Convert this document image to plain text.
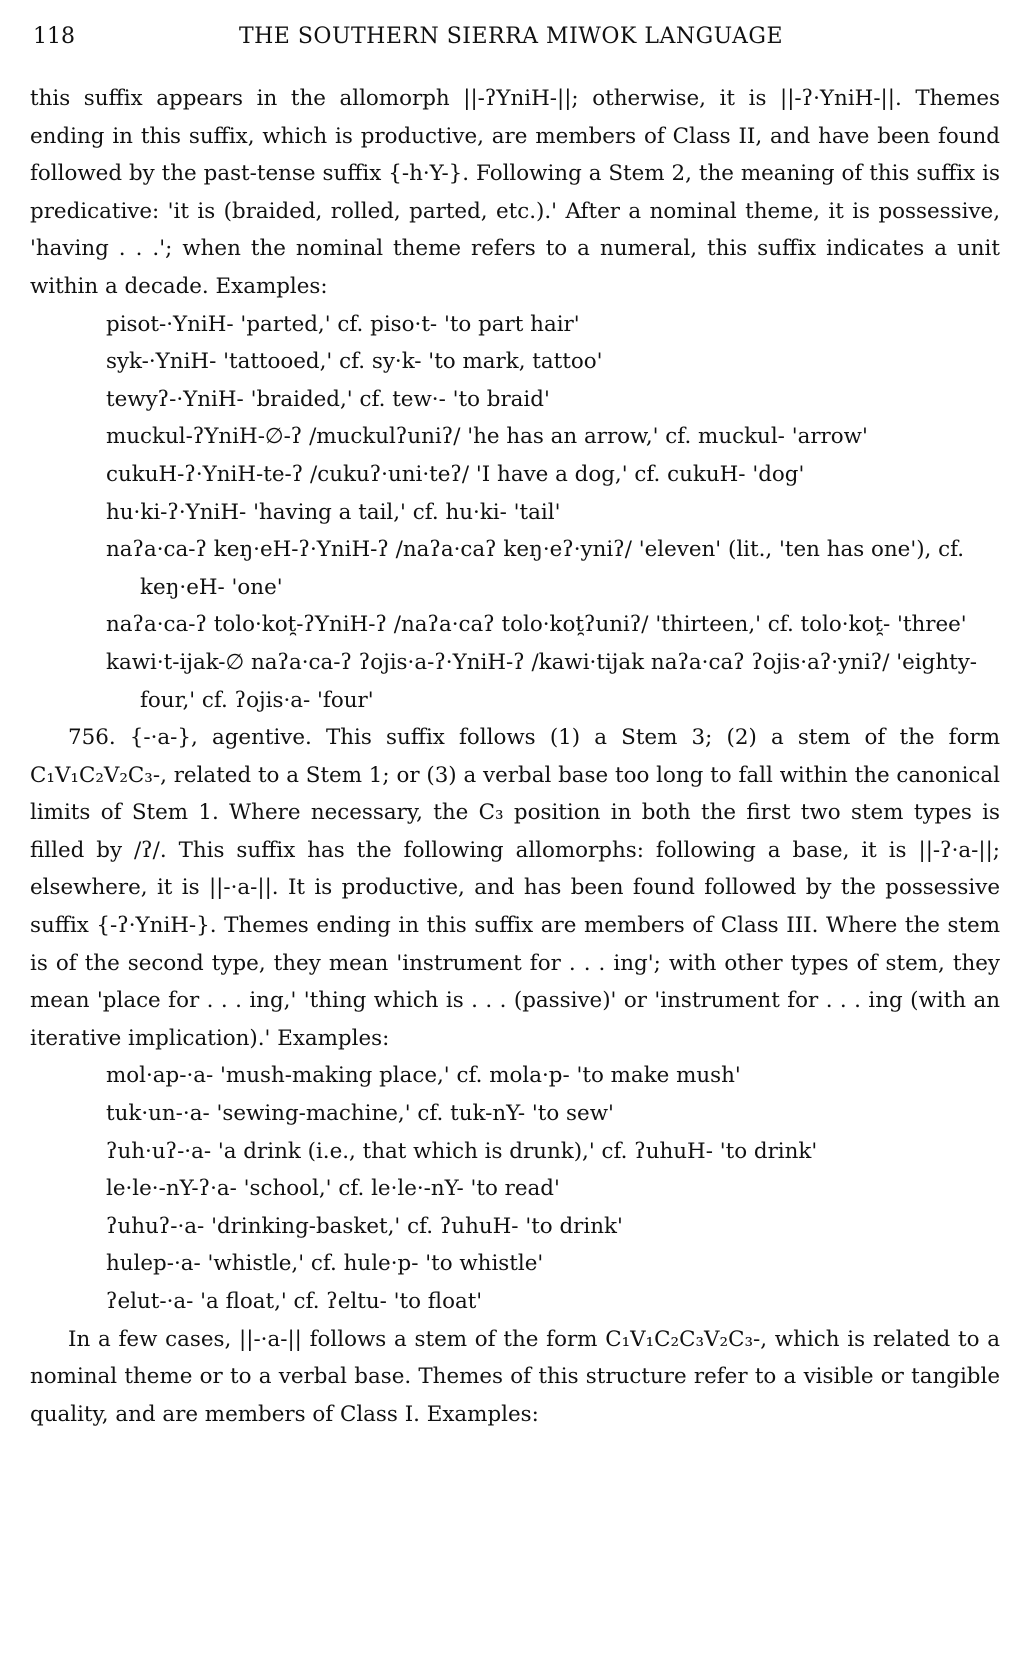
118	THE SOUTHERN SIERRA MIWOK LANGUAGE

this suffix appears in the allomorph ||-ʔYniH-||; otherwise, it is ||-ʔ·YniH-||. Themes ending in this suffix, which is productive, are members of Class II, and have been found followed by the past-tense suffix {-h·Y-}. Following a Stem 2, the meaning of this suffix is predicative: 'it is (braided, rolled, parted, etc.).' After a nominal theme, it is possessive, 'having . . .'; when the nominal theme refers to a numeral, this suffix indicates a unit within a decade. Examples:

pisot-·YniH- 'parted,' cf. piso·t- 'to part hair'
syk-·YniH- 'tattooed,' cf. sy·k- 'to mark, tattoo'
tewyʔ-·YniH- 'braided,' cf. tew·- 'to braid'
muckul-ʔYniH-∅-ʔ /muckulʔuniʔ/ 'he has an arrow,' cf. muckul- 'arrow'
cukuH-ʔ·YniH-te-ʔ /cukuʔ·uni·teʔ/ 'I have a dog,' cf. cukuH- 'dog'
hu·ki-ʔ·YniH- 'having a tail,' cf. hu·ki- 'tail'
naʔa·ca-ʔ keŋ·eH-ʔ·YniH-ʔ /naʔa·caʔ keŋ·eʔ·yniʔ/ 'eleven' (lit., 'ten has one'), cf. keŋ·eH- 'one'
naʔa·ca-ʔ tolo·kot̯-ʔYniH-ʔ /naʔa·caʔ tolo·kot̯ʔuniʔ/ 'thirteen,' cf. tolo·kot̯- 'three'
kawi·t-ijak-∅ naʔa·ca-ʔ ʔojis·a-ʔ·YniH-ʔ /kawi·tijak naʔa·caʔ ʔojis·aʔ·yniʔ/ 'eighty-four,' cf. ʔojis·a- 'four'

756. {-·a-}, agentive. This suffix follows (1) a Stem 3; (2) a stem of the form C₁V₁C₂V₂C₃-, related to a Stem 1; or (3) a verbal base too long to fall within the canonical limits of Stem 1. Where necessary, the C₃ position in both the first two stem types is filled by /ʔ/. This suffix has the following allomorphs: following a base, it is ||-ʔ·a-||; elsewhere, it is ||-·a-||. It is productive, and has been found followed by the possessive suffix {-ʔ·YniH-}. Themes ending in this suffix are members of Class III. Where the stem is of the second type, they mean 'instrument for . . . ing'; with other types of stem, they mean 'place for . . . ing,' 'thing which is . . . (passive)' or 'instrument for . . . ing (with an iterative implication).' Examples:

mol·ap-·a- 'mush-making place,' cf. mola·p- 'to make mush'
tuk·un-·a- 'sewing-machine,' cf. tuk-nY- 'to sew'
ʔuh·uʔ-·a- 'a drink (i.e., that which is drunk),' cf. ʔuhuH- 'to drink'
le·le·-nY-ʔ·a- 'school,' cf. le·le·-nY- 'to read'
ʔuhuʔ-·a- 'drinking-basket,' cf. ʔuhuH- 'to drink'
hulep-·a- 'whistle,' cf. hule·p- 'to whistle'
ʔelut-·a- 'a float,' cf. ʔeltu- 'to float'

In a few cases, ||-·a-|| follows a stem of the form C₁V₁C₂C₃V₂C₃-, which is related to a nominal theme or to a verbal base. Themes of this structure refer to a visible or tangible quality, and are members of Class I. Examples:
